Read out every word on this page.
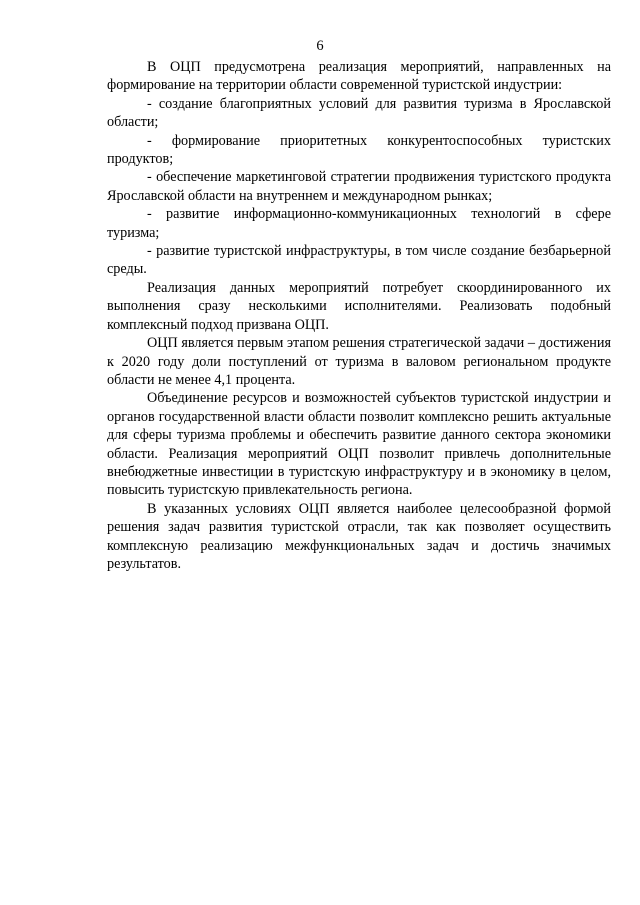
6

В ОЦП предусмотрена реализация мероприятий, направленных на формирование на территории области современной туристской индустрии:

- создание благоприятных условий для развития туризма в Ярославской области;

- формирование приоритетных конкурентоспособных туристских продуктов;

- обеспечение маркетинговой стратегии продвижения туристского продукта Ярославской области на внутреннем и международном рынках;

- развитие информационно-коммуникационных технологий в сфере туризма;

- развитие туристской инфраструктуры, в том числе создание безбарьерной среды.

Реализация данных мероприятий потребует скоординированного их выполнения сразу несколькими исполнителями. Реализовать подобный комплексный подход призвана ОЦП.

ОЦП является первым этапом решения стратегической задачи – достижения к 2020 году доли поступлений от туризма в валовом региональном продукте области не менее 4,1 процента.

Объединение ресурсов и возможностей субъектов туристской индустрии и органов государственной власти области позволит комплексно решить актуальные для сферы туризма проблемы и обеспечить развитие данного сектора экономики области. Реализация мероприятий ОЦП позволит привлечь дополнительные внебюджетные инвестиции в туристскую инфраструктуру и в экономику в целом, повысить туристскую привлекательность региона.

В указанных условиях ОЦП является наиболее целесообразной формой решения задач развития туристской отрасли, так как позволяет осуществить комплексную реализацию межфункциональных задач и достичь значимых результатов.
